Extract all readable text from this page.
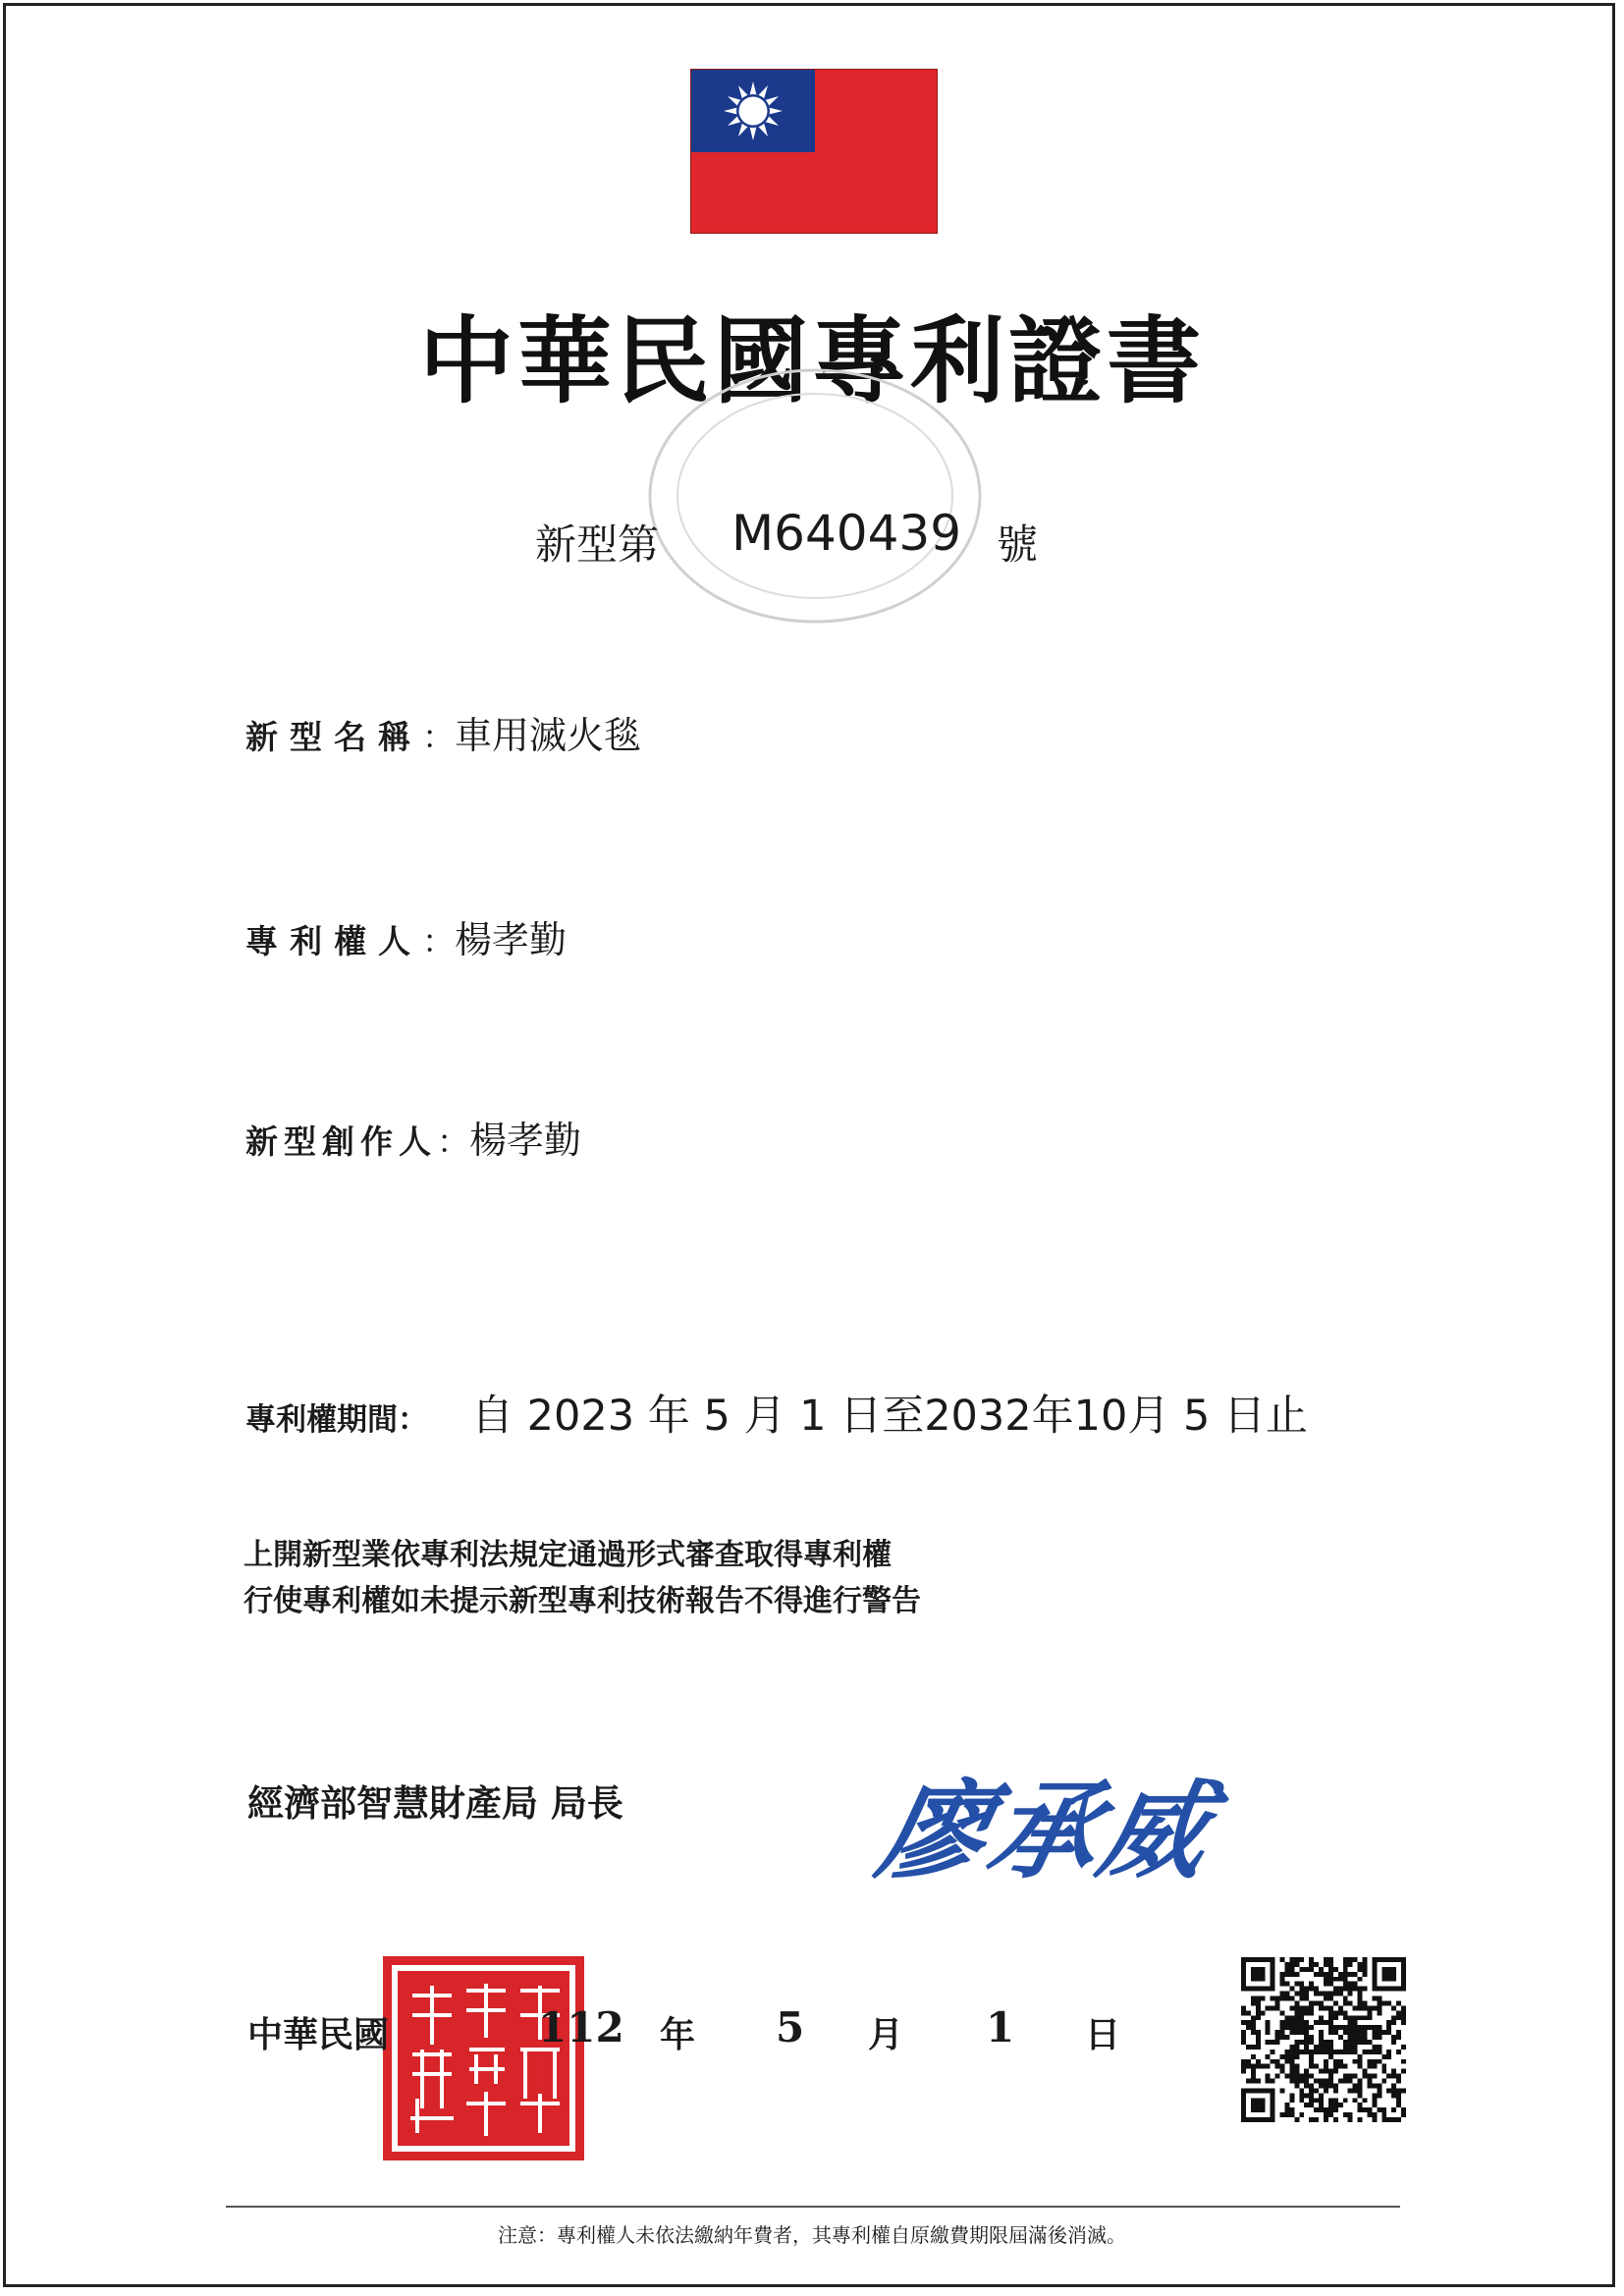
中華民國專利證書
新型第 M640439 號
新型名稱：車用滅火毯
專利權人：楊孝勤
新型創作人：楊孝勤
專利權期間： 自 2023 年 5 月 1 日至2032年10月 5 日止
上開新型業依專利法規定通過形式審查取得專利權
行使專利權如未提示新型專利技術報告不得進行警告
經濟部智慧財產局 局長 廖承威
中華民國	112 年 5 月 1 日
注意：專利權人未依法繳納年費者，其專利權自原繳費期限屆滿後消滅。
